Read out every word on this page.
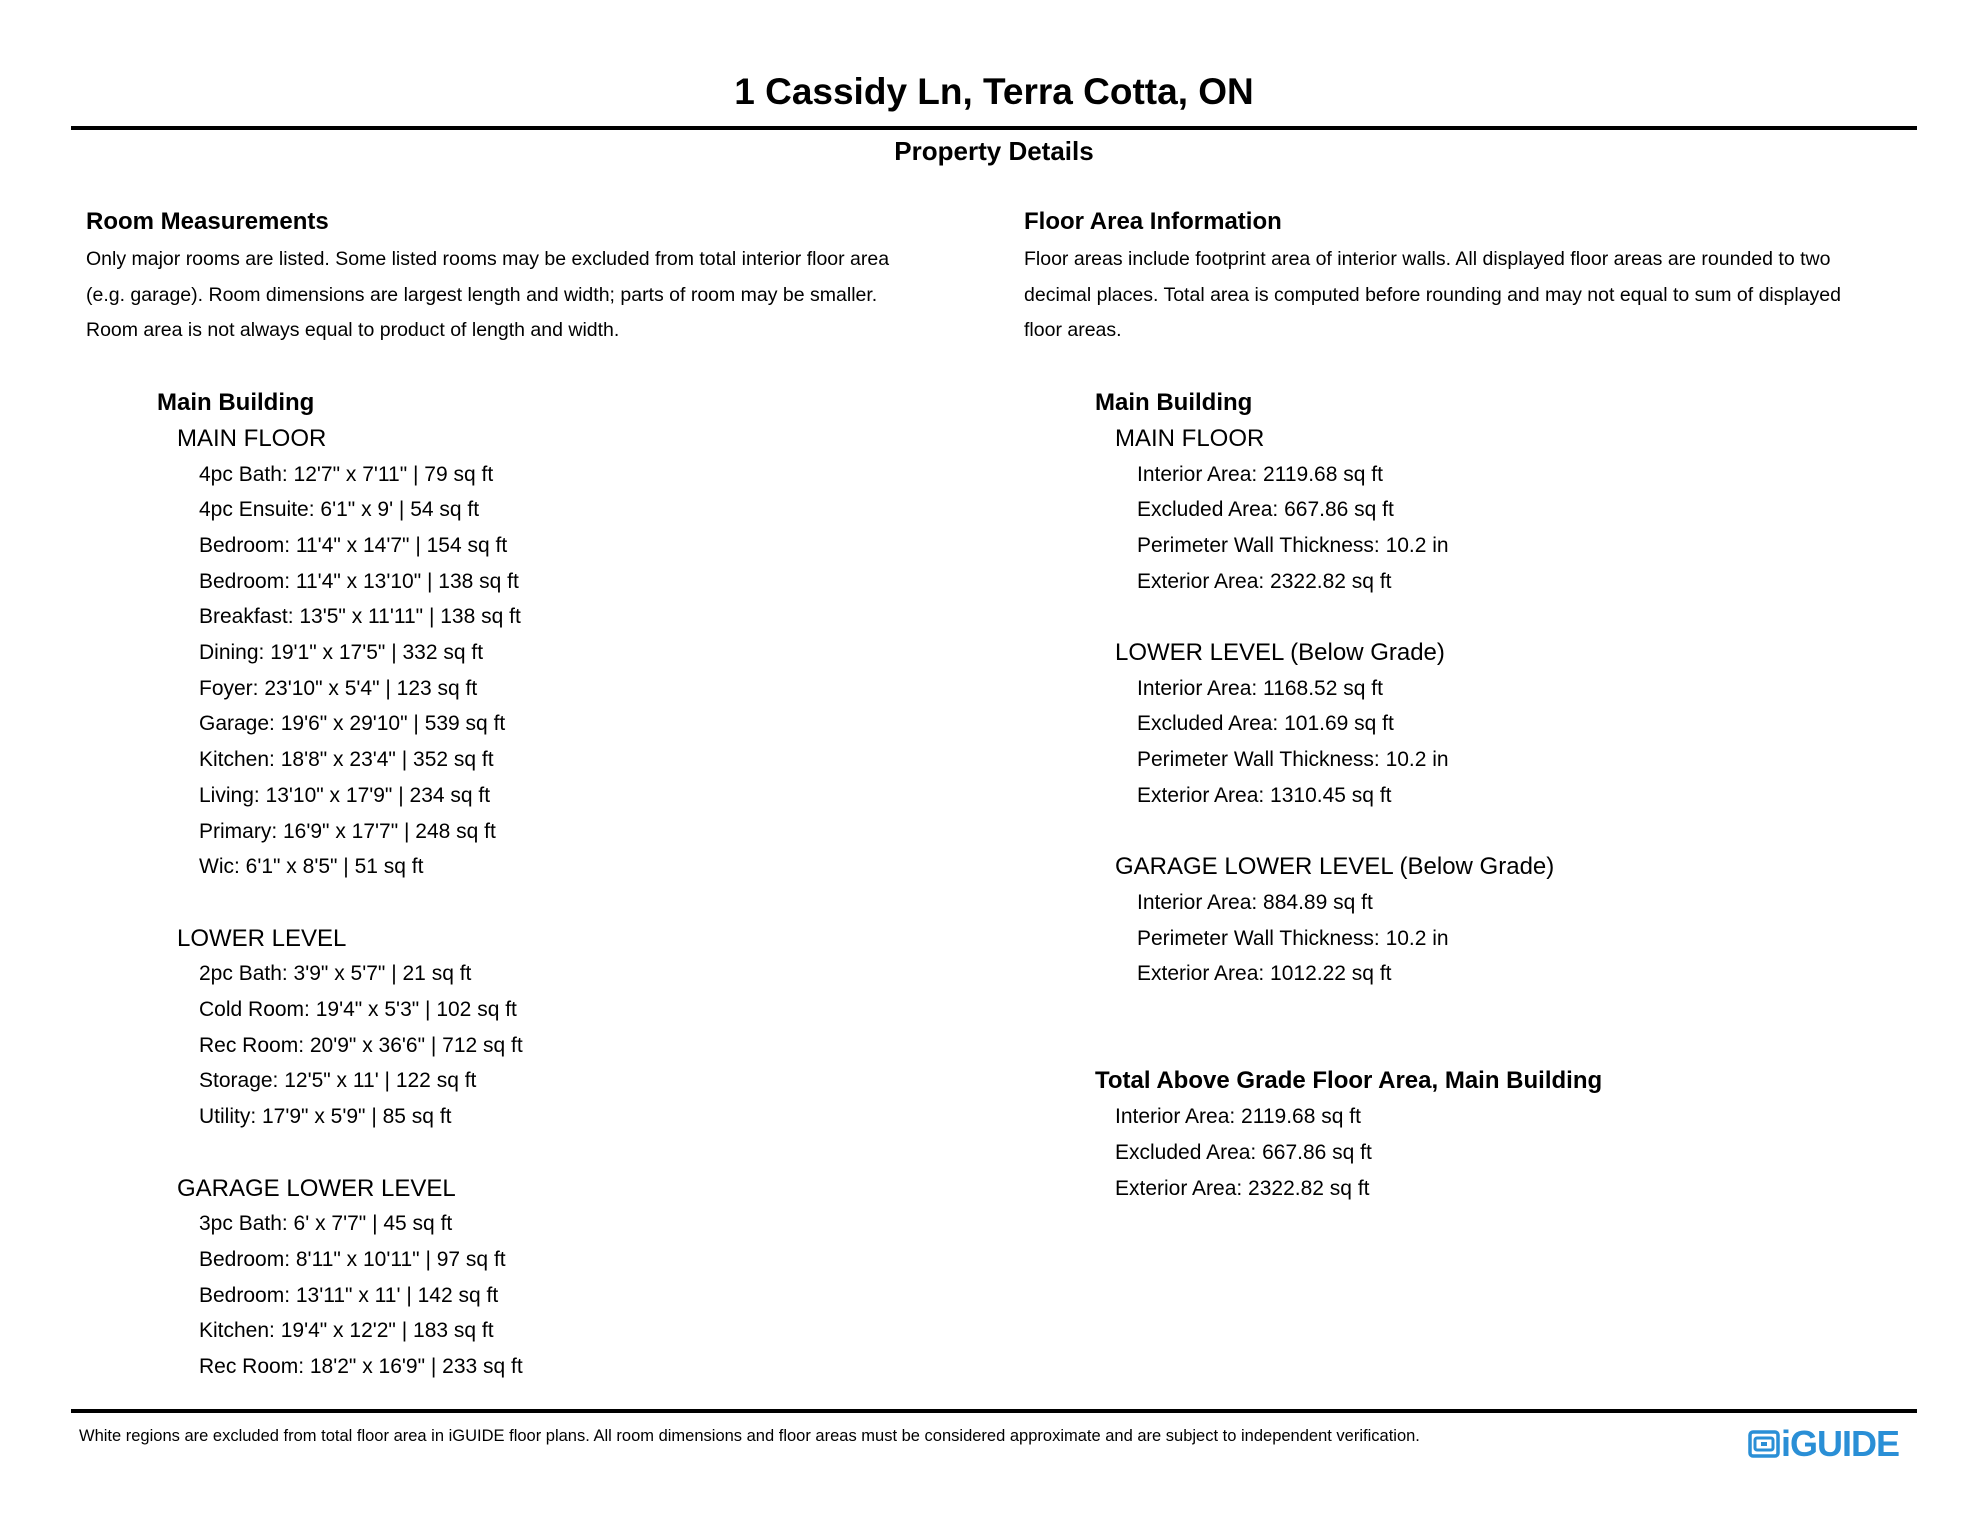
1 Cassidy Ln, Terra Cotta, ON
Property Details
Room Measurements
Only major rooms are listed. Some listed rooms may be excluded from total interior floor area
(e.g. garage). Room dimensions are largest length and width; parts of room may be smaller.
Room area is not always equal to product of length and width.
Main Building
MAIN FLOOR
4pc Bath: 12'7" x 7'11" | 79 sq ft
4pc Ensuite: 6'1" x 9' | 54 sq ft
Bedroom: 11'4" x 14'7" | 154 sq ft
Bedroom: 11'4" x 13'10" | 138 sq ft
Breakfast: 13'5" x 11'11" | 138 sq ft
Dining: 19'1" x 17'5" | 332 sq ft
Foyer: 23'10" x 5'4" | 123 sq ft
Garage: 19'6" x 29'10" | 539 sq ft
Kitchen: 18'8" x 23'4" | 352 sq ft
Living: 13'10" x 17'9" | 234 sq ft
Primary: 16'9" x 17'7" | 248 sq ft
Wic: 6'1" x 8'5" | 51 sq ft
LOWER LEVEL
2pc Bath: 3'9" x 5'7" | 21 sq ft
Cold Room: 19'4" x 5'3" | 102 sq ft
Rec Room: 20'9" x 36'6" | 712 sq ft
Storage: 12'5" x 11' | 122 sq ft
Utility: 17'9" x 5'9" | 85 sq ft
GARAGE LOWER LEVEL
3pc Bath: 6' x 7'7" | 45 sq ft
Bedroom: 8'11" x 10'11" | 97 sq ft
Bedroom: 13'11" x 11' | 142 sq ft
Kitchen: 19'4" x 12'2" | 183 sq ft
Rec Room: 18'2" x 16'9" | 233 sq ft
Floor Area Information
Floor areas include footprint area of interior walls. All displayed floor areas are rounded to two
decimal places. Total area is computed before rounding and may not equal to sum of displayed
floor areas.
Main Building
MAIN FLOOR
Interior Area: 2119.68 sq ft
Excluded Area: 667.86 sq ft
Perimeter Wall Thickness: 10.2 in
Exterior Area: 2322.82 sq ft
LOWER LEVEL (Below Grade)
Interior Area: 1168.52 sq ft
Excluded Area: 101.69 sq ft
Perimeter Wall Thickness: 10.2 in
Exterior Area: 1310.45 sq ft
GARAGE LOWER LEVEL (Below Grade)
Interior Area: 884.89 sq ft
Perimeter Wall Thickness: 10.2 in
Exterior Area: 1012.22 sq ft
Total Above Grade Floor Area, Main Building
Interior Area: 2119.68 sq ft
Excluded Area: 667.86 sq ft
Exterior Area: 2322.82 sq ft
White regions are excluded from total floor area in iGUIDE floor plans. All room dimensions and floor areas must be considered approximate and are subject to independent verification.	iGUIDE
